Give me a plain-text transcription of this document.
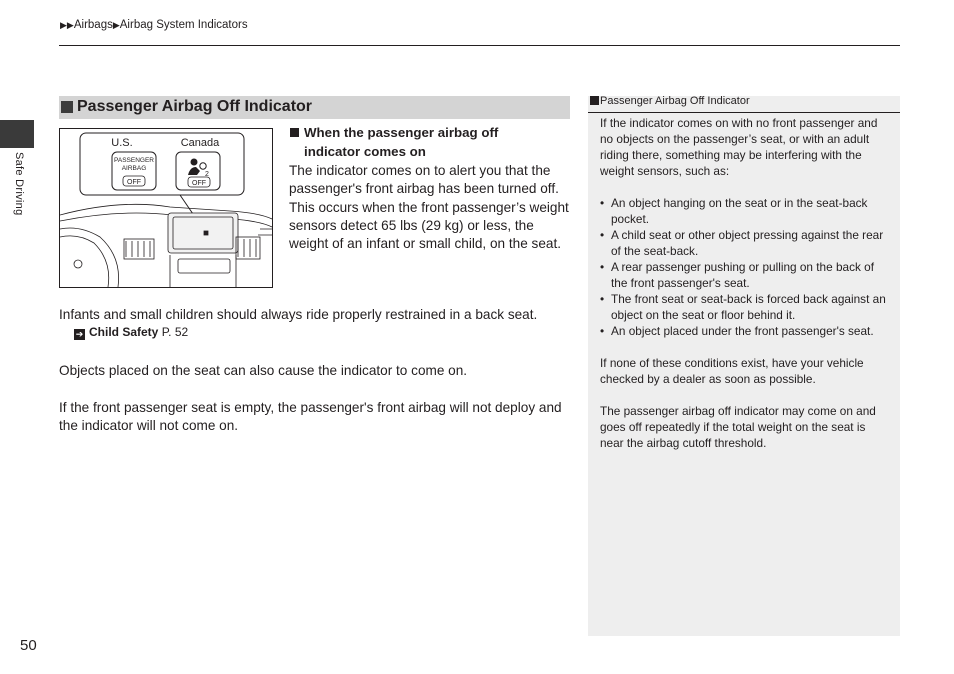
▶▶Airbags▶Airbag System Indicators
Safe Driving
50
Passenger Airbag Off Indicator
U.S.	Canada
PASSENGER
AIRBAG
OFF
2
OFF
When the passenger airbag off indicator comes on
The indicator comes on to alert you that the passenger's front airbag has been turned off. This occurs when the front passenger’s weight sensors detect 65 lbs (29 kg) or less, the weight of an infant or small child, on the seat.
Infants and small children should always ride properly restrained in a back seat.
➔ Child Safety P. 52
Objects placed on the seat can also cause the indicator to come on.
If the front passenger seat is empty, the passenger's front airbag will not deploy and the indicator will not come on.
Passenger Airbag Off Indicator

If the indicator comes on with no front passenger and no objects on the passenger’s seat, or with an adult riding there, something may be interfering with the weight sensors, such as:

• An object hanging on the seat or in the seat-back pocket.
• A child seat or other object pressing against the rear of the seat-back.
• A rear passenger pushing or pulling on the back of the front passenger's seat.
• The front seat or seat-back is forced back against an object on the seat or floor behind it.
• An object placed under the front passenger's seat.

If none of these conditions exist, have your vehicle checked by a dealer as soon as possible.

The passenger airbag off indicator may come on and goes off repeatedly if the total weight on the seat is near the airbag cutoff threshold.
